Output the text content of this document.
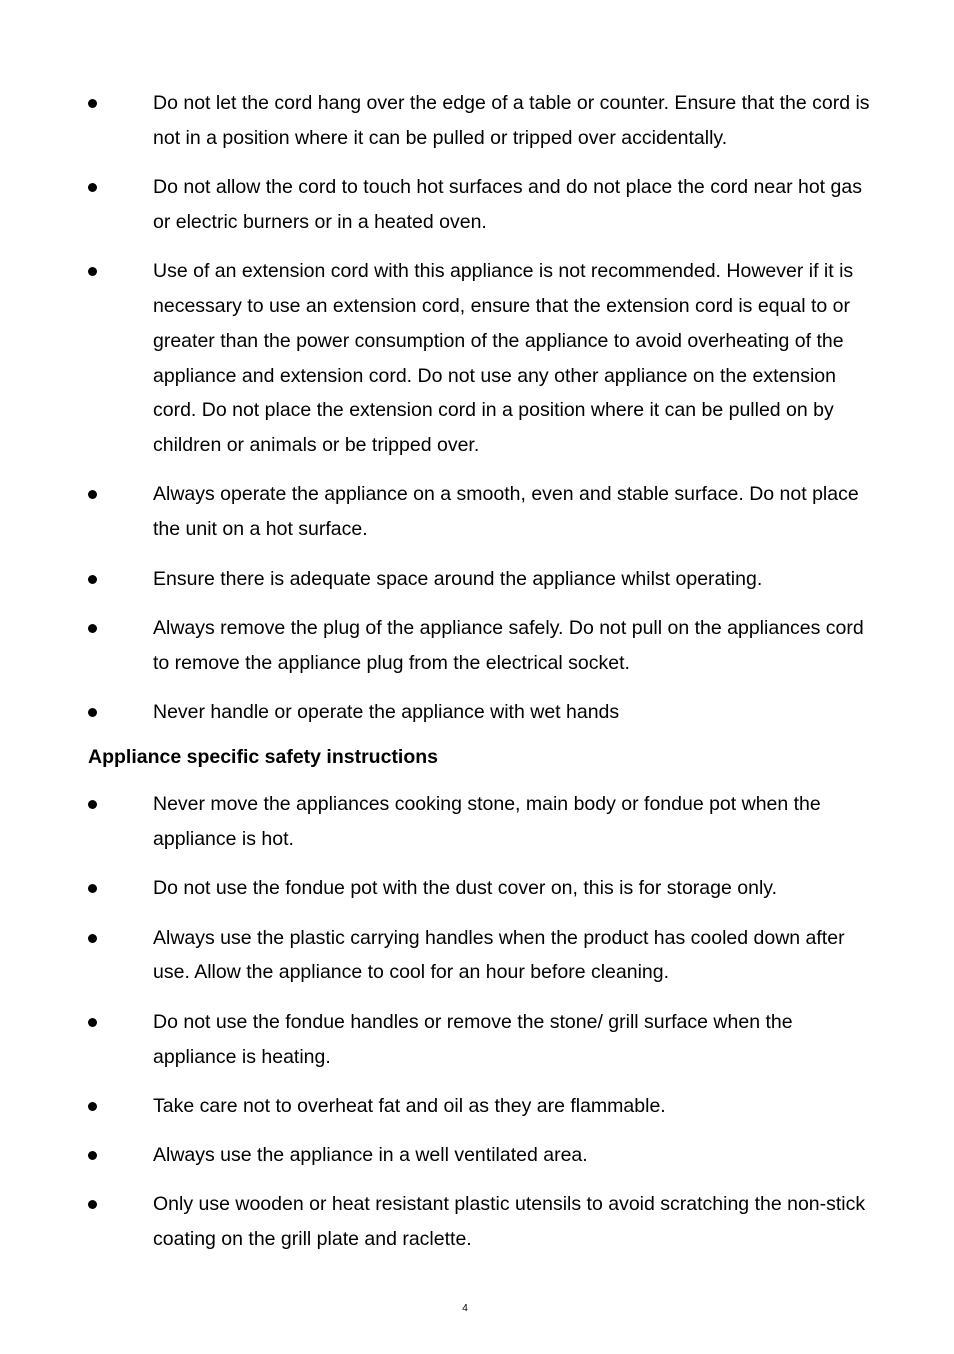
Do not let the cord hang over the edge of a table or counter. Ensure that the cord is not in a position where it can be pulled or tripped over accidentally.
Do not allow the cord to touch hot surfaces and do not place the cord near hot gas or electric burners or in a heated oven.
Use of an extension cord with this appliance is not recommended. However if it is necessary to use an extension cord, ensure that the extension cord is equal to or greater than the power consumption of the appliance to avoid overheating of the appliance and extension cord. Do not use any other appliance on the extension cord. Do not place the extension cord in a position where it can be pulled on by children or animals or be tripped over.
Always operate the appliance on a smooth, even and stable surface. Do not place the unit on a hot surface.
Ensure there is adequate space around the appliance whilst operating.
Always remove the plug of the appliance safely. Do not pull on the appliances cord to remove the appliance plug from the electrical socket.
Never handle or operate the appliance with wet hands
Appliance specific safety instructions
Never move the appliances cooking stone, main body or fondue pot when the appliance is hot.
Do not use the fondue pot with the dust cover on, this is for storage only.
Always use the plastic carrying handles when the product has cooled down after use. Allow the appliance to cool for an hour before cleaning.
Do not use the fondue handles or remove the stone/ grill surface when the appliance is heating.
Take care not to overheat fat and oil as they are flammable.
Always use the appliance in a well ventilated area.
Only use wooden or heat resistant plastic utensils to avoid scratching the non-stick coating on the grill plate and raclette.
4
